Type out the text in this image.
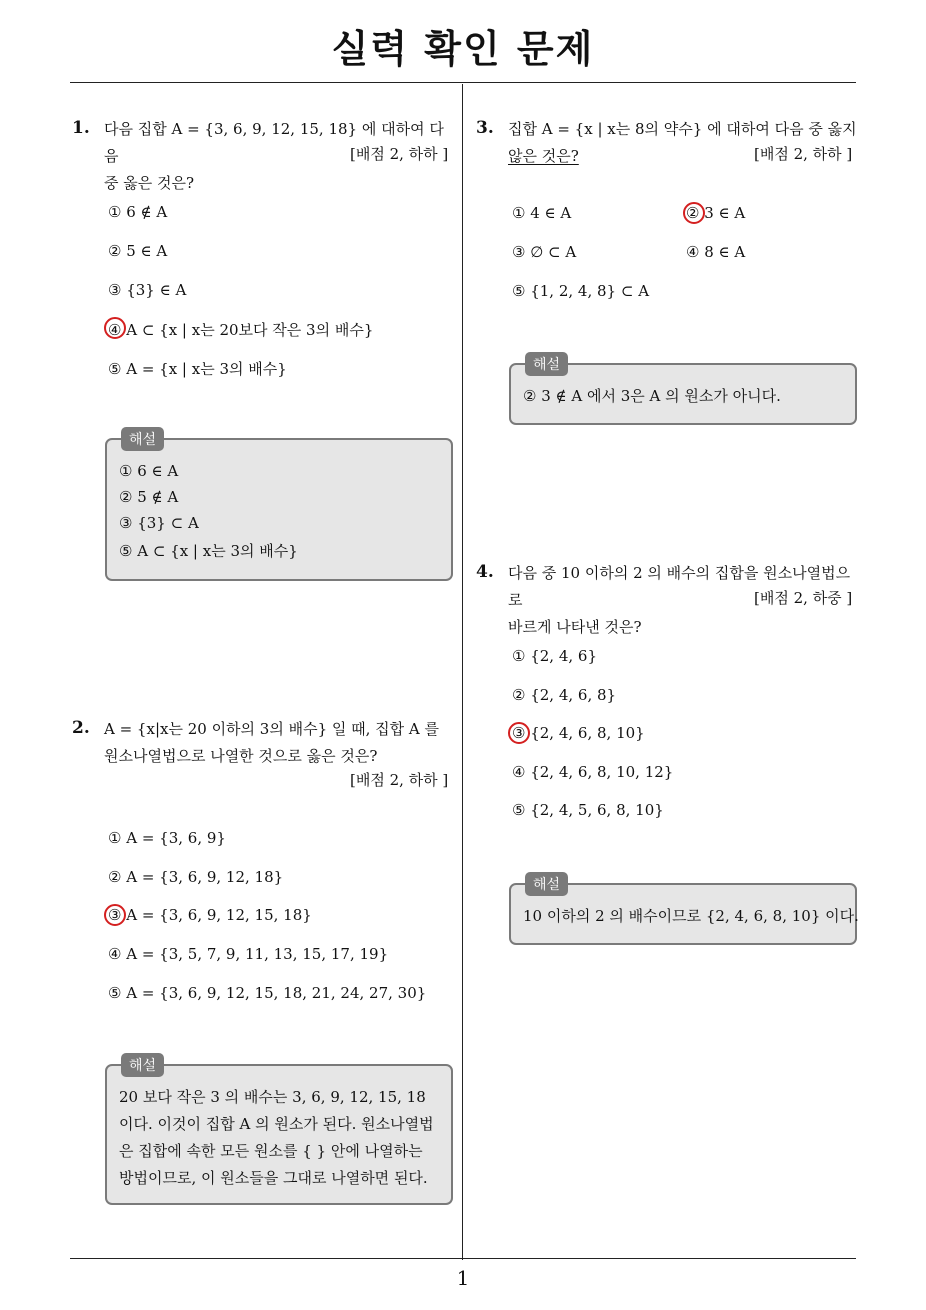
실력 확인 문제
1
1. 다음 집합 A = {3, 6, 9, 12, 15, 18} 에 대하여 다음
중 옳은 것은?
[배점 2, 하하 ]
① 6 ∉ A
② 5 ∈ A
③ {3} ∈ A
④ A ⊂ {x | x는 20보다 작은 3의 배수}
⑤ A = {x | x는 3의 배수}
해설
① 6 ∈ A
② 5 ∉ A
③ {3} ⊂ A
⑤ A ⊂ {x | x는 3의 배수}
2. A = {x|x는 20 이하의 3의 배수} 일 때, 집합 A 를
원소나열법으로 나열한 것으로 옳은 것은?
[배점 2, 하하 ]
① A = {3, 6, 9}
② A = {3, 6, 9, 12, 18}
③ A = {3, 6, 9, 12, 15, 18}
④ A = {3, 5, 7, 9, 11, 13, 15, 17, 19}
⑤ A = {3, 6, 9, 12, 15, 18, 21, 24, 27, 30}
해설
20 보다 작은 3 의 배수는 3, 6, 9, 12, 15, 18
이다. 이것이 집합 A 의 원소가 된다. 원소나열법
은 집합에 속한 모든 원소를 { } 안에 나열하는
방법이므로, 이 원소들을 그대로 나열하면 된다.
3. 집합 A = {x | x는 8의 약수} 에 대하여 다음 중 옳지
않은 것은?	[배점 2, 하하 ]
① 4 ∈ A	② 3 ∈ A
③ ∅ ⊂ A	④ 8 ∈ A
⑤ {1, 2, 4, 8} ⊂ A
해설
② 3 ∉ A 에서 3은 A 의 원소가 아니다.
4. 다음 중 10 이하의 2 의 배수의 집합을 원소나열법으로
바르게 나타낸 것은?
[배점 2, 하중 ]
① {2, 4, 6}
② {2, 4, 6, 8}
③ {2, 4, 6, 8, 10}
④ {2, 4, 6, 8, 10, 12}
⑤ {2, 4, 5, 6, 8, 10}
해설
10 이하의 2 의 배수이므로 {2, 4, 6, 8, 10} 이다.
